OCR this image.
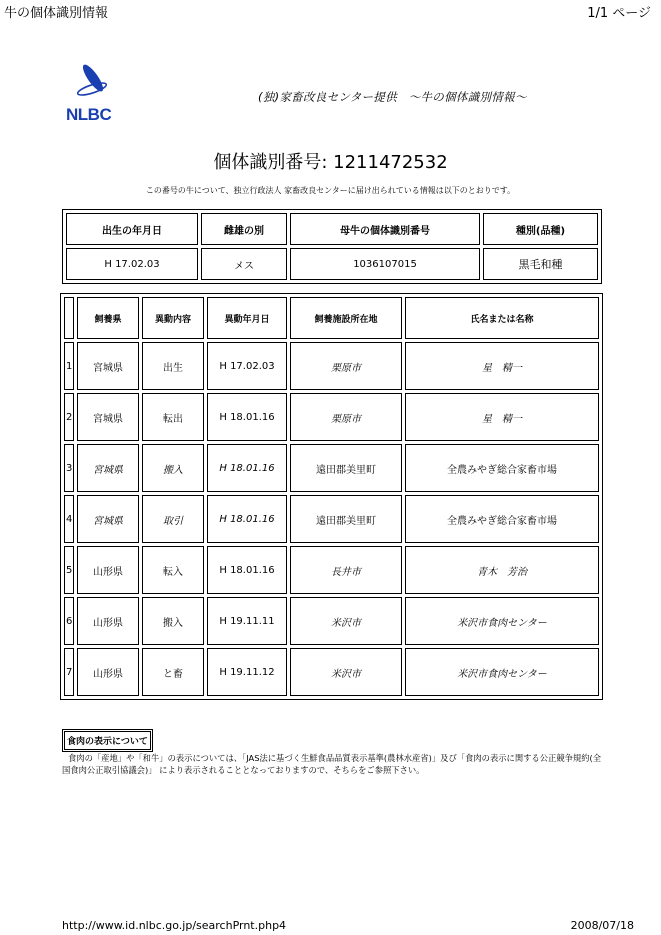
牛の個体識別情報	1/1 ページ
NLBC
(独)家畜改良センター提供　～牛の個体識別情報～
個体識別番号: 1211472532
この番号の牛について、独立行政法人 家畜改良センターに届け出られている情報は以下のとおりです。
出生の年月日	雌雄の別	母牛の個体識別番号	種別(品種)
H 17.02.03	メス	1036107015	黒毛和種
	飼養県	異動内容	異動年月日	飼養施設所在地	氏名または名称
1	宮城県	出生	H 17.02.03	栗原市	星　精一
2	宮城県	転出	H 18.01.16	栗原市	星　精一
3	宮城県	搬入	H 18.01.16	遠田郡美里町	全農みやぎ総合家畜市場
4	宮城県	取引	H 18.01.16	遠田郡美里町	全農みやぎ総合家畜市場
5	山形県	転入	H 18.01.16	長井市	青木　芳治
6	山形県	搬入	H 19.11.11	米沢市	米沢市食肉センター
7	山形県	と畜	H 19.11.12	米沢市	米沢市食肉センター
食肉の表示について
食肉の「産地」や「和牛」の表示については、「JAS法に基づく生鮮食品品質表示基準(農林水産省)」及び「食肉の表示に関する公正競争規約(全国食肉公正取引協議会)」 により表示されることとなっておりますので、そちらをご参照下さい。
http://www.id.nlbc.go.jp/searchPrnt.php4	2008/07/18
